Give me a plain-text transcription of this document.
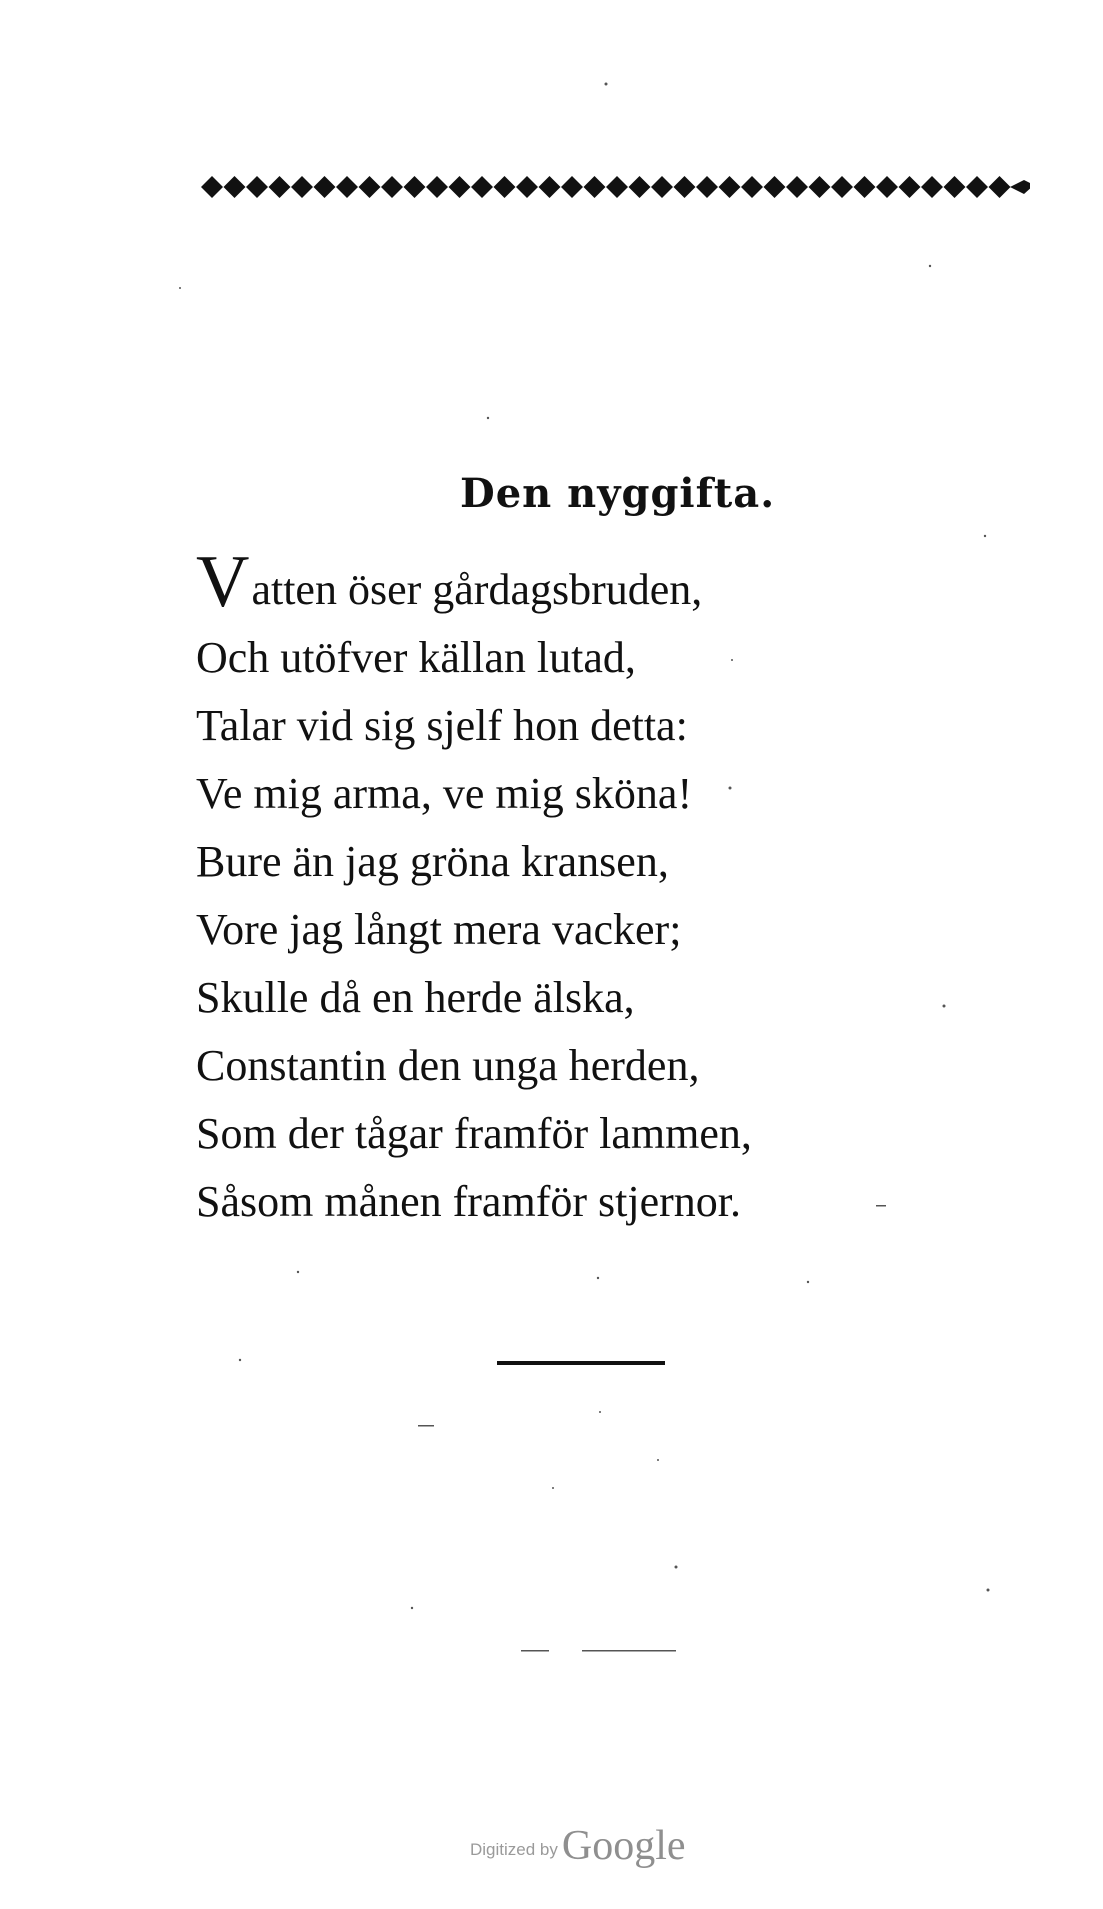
Den nyggifta.
Vatten öser gårdagsbruden,
Och utöfver källan lutad,
Talar vid sig sjelf hon detta:
Ve mig arma, ve mig sköna!
Bure än jag gröna kransen,
Vore jag långt mera vacker;
Skulle då en herde älska,
Constantin den unga herden,
Som der tågar framför lammen,
Såsom månen framför stjernor.
Digitized byGoogle
